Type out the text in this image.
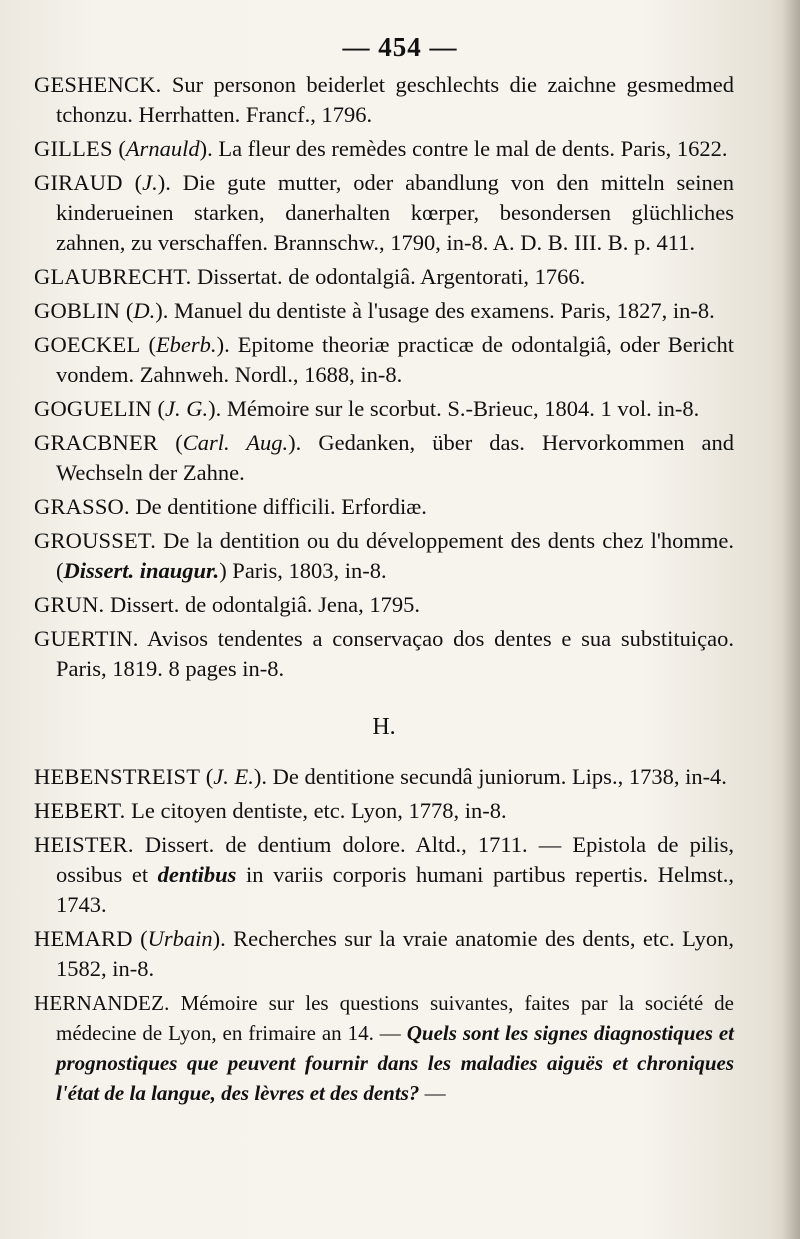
— 454 —

GESHENCK. Sur personon beiderlet geschlechts die zaichne gesmedmed tchonzu. Herrhatten. Francf., 1796.

GILLES (Arnauld). La fleur des remèdes contre le mal de dents. Paris, 1622.

GIRAUD (J.). Die gute mutter, oder abandlung von den mitteln seinen kinderueinen starken, danerhalten kœrper, besondersen glüchliches zahnen, zu verschaffen. Brannschw., 1790, in-8. A. D. B. III. B. p. 411.

GLAUBRECHT. Dissertat. de odontalgiâ. Argentorati, 1766.

GOBLIN (D.). Manuel du dentiste à l'usage des examens. Paris, 1827, in-8.

GOECKEL (Eberb.). Epitome theoriæ practicæ de odontalgiâ, oder Bericht vondem. Zahnweh. Nordl., 1688, in-8.

GOGUELIN (J. G.). Mémoire sur le scorbut. S.-Brieuc, 1804. 1 vol. in-8.

GRACBNER (Carl. Aug.). Gedanken, über das. Hervorkommen and Wechseln der Zahne.

GRASSO. De dentitione difficili. Erfordiæ.

GROUSSET. De la dentition ou du développement des dents chez l'homme. (Dissert. inaugur.) Paris, 1803, in-8.

GRUN. Dissert. de odontalgiâ. Jena, 1795.

GUERTIN. Avisos tendentes a conservaçao dos dentes e sua substituiçao. Paris, 1819. 8 pages in-8.

H.

HEBENSTREIST (J. E.). De dentitione secundâ juniorum. Lips., 1738, in-4.

HEBERT. Le citoyen dentiste, etc. Lyon, 1778, in-8.

HEISTER. Dissert. de dentium dolore. Altd., 1711. — Epistola de pilis, ossibus et dentibus in variis corporis humani partibus repertis. Helmst., 1743.

HEMARD (Urbain). Recherches sur la vraie anatomie des dents, etc. Lyon, 1582, in-8.

HERNANDEZ. Mémoire sur les questions suivantes, faites par la société de médecine de Lyon, en frimaire an 14. — Quels sont les signes diagnostiques et prognostiques que peuvent fournir dans les maladies aiguës et chroniques l'état de la langue, des lèvres et des dents? —
